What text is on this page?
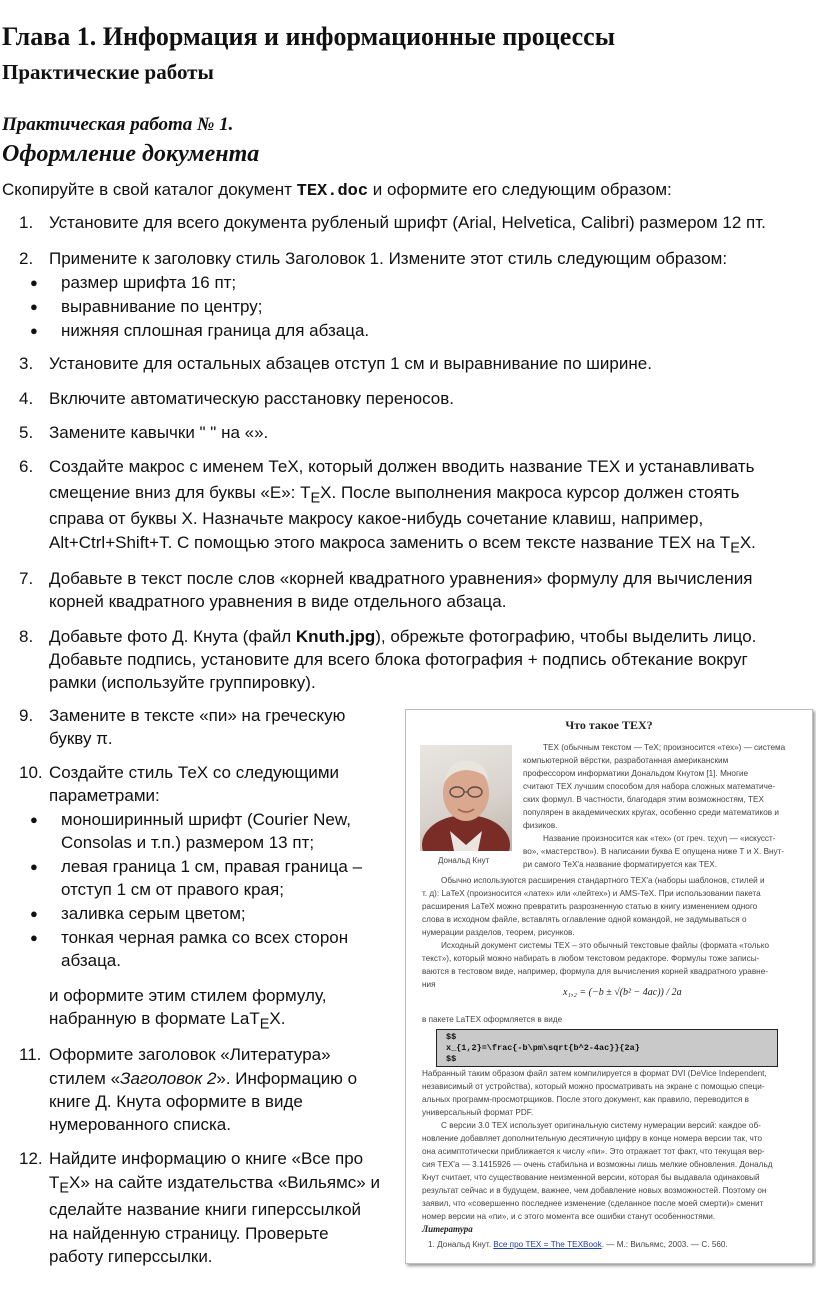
Глава 1. Информация и информационные процессы
Практические работы
Практическая работа № 1.
Оформление документа
Скопируйте в свой каталог документ TEX.doc и оформите его следующим образом:
1. Установите для всего документа рубленый шрифт (Arial, Helvetica, Calibri) размером 12 пт.
2. Примените к заголовку стиль Заголовок 1. Измените этот стиль следующим образом:
● размер шрифта 16 пт;
● выравнивание по центру;
● нижняя сплошная граница для абзаца.
3. Установите для остальных абзацев отступ 1 см и выравнивание по ширине.
4. Включите автоматическую расстановку переносов.
5. Замените кавычки " " на «».
6. Создайте макрос с именем ТеХ, который должен вводить название ТЕХ и устанавливать
смещение вниз для буквы «Е»: $Т_ЕХ$. После выполнения макроса курсор должен стоять
справа от буквы Х. Назначьте макросу какое-нибудь сочетание клавиш, например,
Alt+Ctrl+Shift+T. С помощью этого макроса заменить о всем тексте название ТЕХ на $Т_ЕХ$.
7. Добавьте в текст после слов «корней квадратного уравнения» формулу для вычисления
корней квадратного уравнения в виде отдельного абзаца.
8. Добавьте фото Д. Кнута (файл Knuth.jpg), обрежьте фотографию, чтобы выделить лицо.
Добавьте подпись, установите для всего блока фотография + подпись обтекание вокруг
рамки (используйте группировку).
9. Замените в тексте «пи» на греческую
букву π.
10. Создайте стиль ТеХ со следующими
параметрами:
● моноширинный шрифт (Courier New,
Consolas и т.п.) размером 13 пт;
● левая граница 1 см, правая граница –
отступ 1 см от правого края;
● заливка серым цветом;
● тонкая черная рамка со всех сторон
абзаца.
и оформите этим стилем формулу,
набранную в формате LaT$_E$X.
11. Оформите заголовок «Литература»
стилем «Заголовок 2». Информацию о
книге Д. Кнута оформите в виде
нумерованного списка.
12. Найдите информацию о книге «Все про
$Т_ЕХ$» на сайте издательства «Вильямс» и
сделайте название книги гиперссылкой
на найденную страницу. Проверьте
работу гиперссылки.
Что такое ТЕХ?
Дональд Кнут
ТЕХ (обычным текстом — ТеХ; произносится «тех») — система
компьютерной вёрстки, разработанная американским
профессором информатики Дональдом Кнутом [1]. Многие
считают ТЕХ лучшим способом для набора сложных математиче-
ских формул. В частности, благодаря этим возможностям, ТЕХ
популярен в академических кругах, особенно среди математиков и
физиков.
Название произносится как «тех» (от греч. τεχνη — «искусст-
во», «мастерство»). В написании буква Е опущена ниже Т и Х. Внут-
ри самого ТеХ'а название форматируется как ТЕХ.
Обычно используются расширения стандартного ТЕХ'а (наборы шаблонов, стилей и
т. д): LaTeX (произносится «латех» или «лейтех») и AMS-TeX. При использовании пакета
расширения LaTeX можно превратить разрозненную статью в книгу изменением одного
слова в исходном файле, вставлять оглавление одной командой, не задумываться о
нумерации разделов, теорем, рисунков.
Исходный документ системы ТЕХ – это обычный текстовые файлы (формата «только
текст»), который можно набирать в любом текстовом редакторе. Формулы тоже записы-
ваются в тестовом виде, например, формула для вычисления корней квадратного уравне-
ния
x₁,₂ = (−b ± √(b² − 4ac)) / 2a
в пакете LaTЕХ оформляется в виде
$$
x_{1,2}=\frac{-b\pm\sqrt{b^2-4ac}}{2a}
$$
Набранный таким образом файл затем компилируется в формат DVI (DeVice Independent,
независимый от устройства), который можно просматривать на экране с помощью специ-
альных программ-просмотрщиков. После этого документ, как правило, переводится в
универсальный формат PDF.
С версии 3.0 ТЕХ использует оригинальную систему нумерации версий: каждое об-
новление добавляет дополнительную десятичную цифру в конце номера версии так, что
она асимптотически приближается к числу «пи». Это отражает тот факт, что текущая вер-
сия ТЕХ'а — 3.1415926 — очень стабильна и возможны лишь мелкие обновления. Дональд
Кнут считает, что существование неизменной версии, которая бы выдавала одинаковый
результат сейчас и в будущем, важнее, чем добавление новых возможностей. Поэтому он
заявил, что «совершенно последнее изменение (сделанное после моей смерти)» сменит
номер версии на «пи», и с этого момента все ошибки станут особенностями.
Литература
1. Дональд Кнут. Все про ТЕХ = The ТЕХBook. — М.: Вильямс, 2003. — С. 560.
